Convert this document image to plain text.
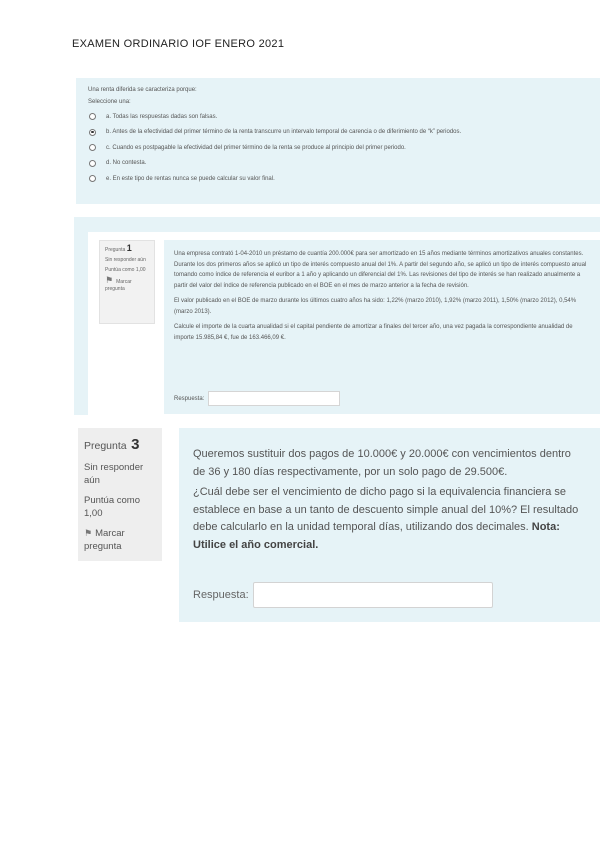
EXAMEN ORDINARIO IOF ENERO 2021
Una renta diferida se caracteriza porque:
Seleccione una:
a. Todas las respuestas dadas son falsas.
b. Antes de la efectividad del primer término de la renta transcurre un intervalo temporal de carencia o de diferimiento de “k” periodos.
c. Cuando es postpagable la efectividad del primer término de la renta se produce al principio del primer periodo.
d. No contesta.
e. En este tipo de rentas nunca se puede calcular su valor final.
Pregunta 1
Sin responder aún
Puntúa como 1,00
⚑ Marcar pregunta

Una empresa contrató 1-04-2010 un préstamo de cuantía 200.000€ para ser amortizado en 15 años mediante términos amortizativos anuales constantes. Durante los dos primeros años se aplicó un tipo de interés compuesto anual del 1%. A partir del segundo año, se aplicó un tipo de interés compuesto anual tomando como índice de referencia el euribor a 1 año y aplicando un diferencial del 1%. Las revisiones del tipo de interés se han realizado anualmente a partir del valor del índice de referencia publicado en el BOE en el mes de marzo anterior a la fecha de revisión.

El valor publicado en el BOE de marzo durante los últimos cuatro años ha sido: 1,22% (marzo 2010), 1,92% (marzo 2011), 1,50% (marzo 2012), 0,54% (marzo 2013).

Calcule el importe de la cuarta anualidad si el capital pendiente de amortizar a finales del tercer año, una vez pagada la correspondiente anualidad de importe 15.985,84 €, fue de 163.466,09 €.

Respuesta:
Pregunta 3
Sin responder aún
Puntúa como 1,00
⚑ Marcar pregunta

Queremos sustituir dos pagos de 10.000€ y 20.000€ con vencimientos dentro de 36 y 180 días respectivamente, por un solo pago de 29.500€.

¿Cuál debe ser el vencimiento de dicho pago si la equivalencia financiera se establece en base a un tanto de descuento simple anual del 10%? El resultado debe calcularlo en la unidad temporal días, utilizando dos decimales. Nota: Utilice el año comercial.

Respuesta:
